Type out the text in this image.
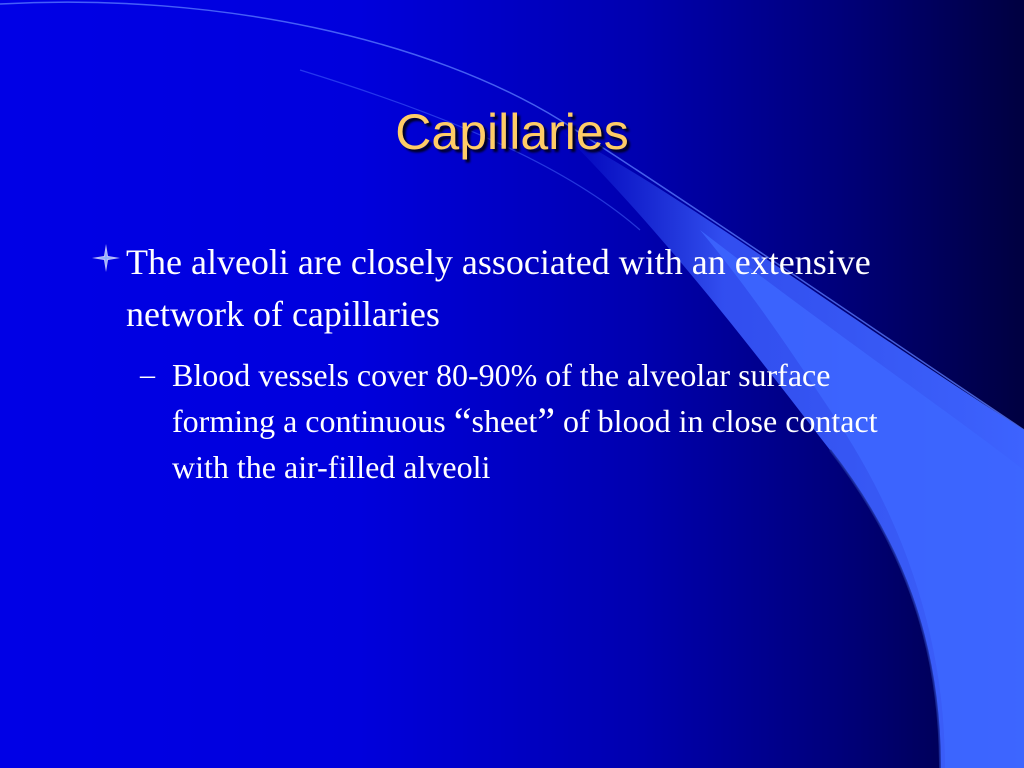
Capillaries

The alveoli are closely associated with an extensive network of capillaries

– Blood vessels cover 80-90% of the alveolar surface forming a continuous “sheet” of blood in close contact with the air-filled alveoli
